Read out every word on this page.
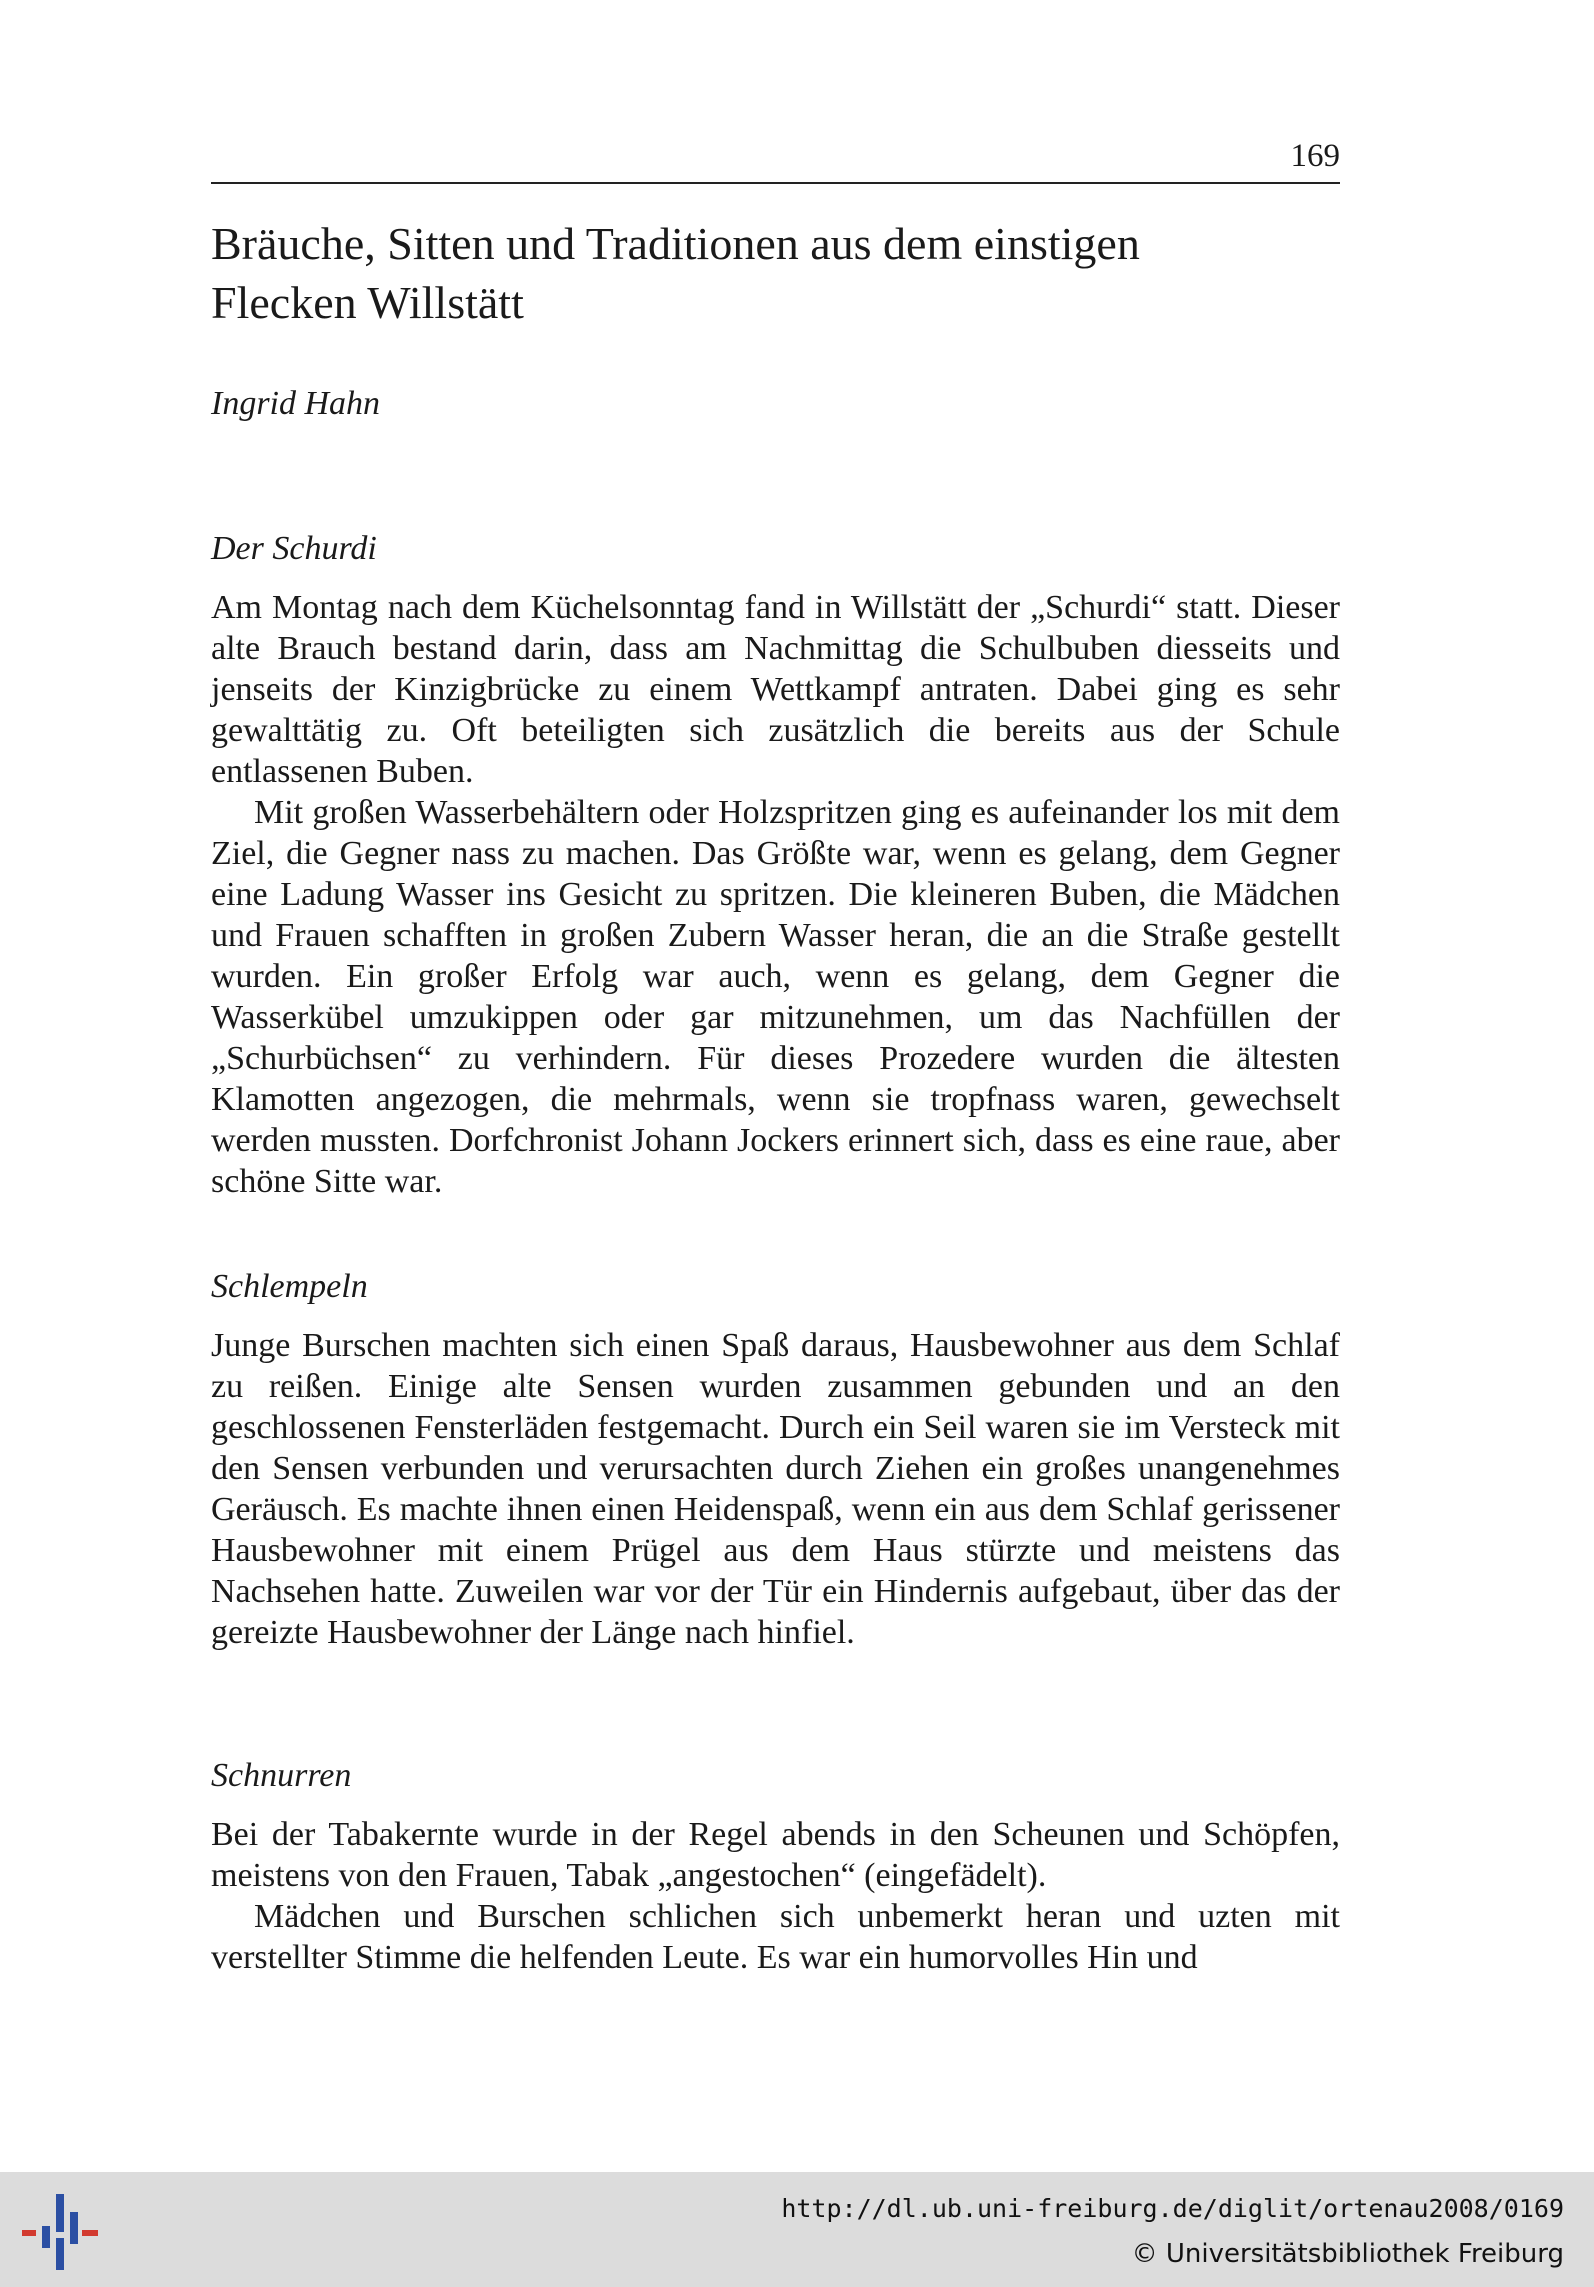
169
Bräuche, Sitten und Traditionen aus dem einstigen
Flecken Willstätt
Ingrid Hahn
Der Schurdi

Am Montag nach dem Küchelsonntag fand in Willstätt der „Schurdi“ statt. Dieser alte Brauch bestand darin, dass am Nachmittag die Schulbuben diesseits und jenseits der Kinzigbrücke zu einem Wettkampf antraten. Dabei ging es sehr gewalttätig zu. Oft beteiligten sich zusätzlich die bereits aus der Schule entlassenen Buben.

Mit großen Wasserbehältern oder Holzspritzen ging es aufeinander los mit dem Ziel, die Gegner nass zu machen. Das Größte war, wenn es gelang, dem Gegner eine Ladung Wasser ins Gesicht zu spritzen. Die kleineren Buben, die Mädchen und Frauen schafften in großen Zubern Wasser heran, die an die Straße gestellt wurden. Ein großer Erfolg war auch, wenn es gelang, dem Gegner die Wasserkübel umzukippen oder gar mitzunehmen, um das Nachfüllen der „Schurbüchsen“ zu verhindern. Für dieses Prozedere wurden die ältesten Klamotten angezogen, die mehrmals, wenn sie tropfnass waren, gewechselt werden mussten. Dorfchronist Johann Jockers erinnert sich, dass es eine raue, aber schöne Sitte war.

Schlempeln

Junge Burschen machten sich einen Spaß daraus, Hausbewohner aus dem Schlaf zu reißen. Einige alte Sensen wurden zusammen gebunden und an den geschlossenen Fensterläden festgemacht. Durch ein Seil waren sie im Versteck mit den Sensen verbunden und verursachten durch Ziehen ein großes unangenehmes Geräusch. Es machte ihnen einen Heidenspaß, wenn ein aus dem Schlaf gerissener Hausbewohner mit einem Prügel aus dem Haus stürzte und meistens das Nachsehen hatte. Zuweilen war vor der Tür ein Hindernis aufgebaut, über das der gereizte Hausbewohner der Länge nach hinfiel.

Schnurren

Bei der Tabakernte wurde in der Regel abends in den Scheunen und Schöpfen, meistens von den Frauen, Tabak „angestochen“ (eingefädelt).

Mädchen und Burschen schlichen sich unbemerkt heran und uzten mit verstellter Stimme die helfenden Leute. Es war ein humorvolles Hin und

http://dl.ub.uni-freiburg.de/diglit/ortenau2008/0169
© Universitätsbibliothek Freiburg
